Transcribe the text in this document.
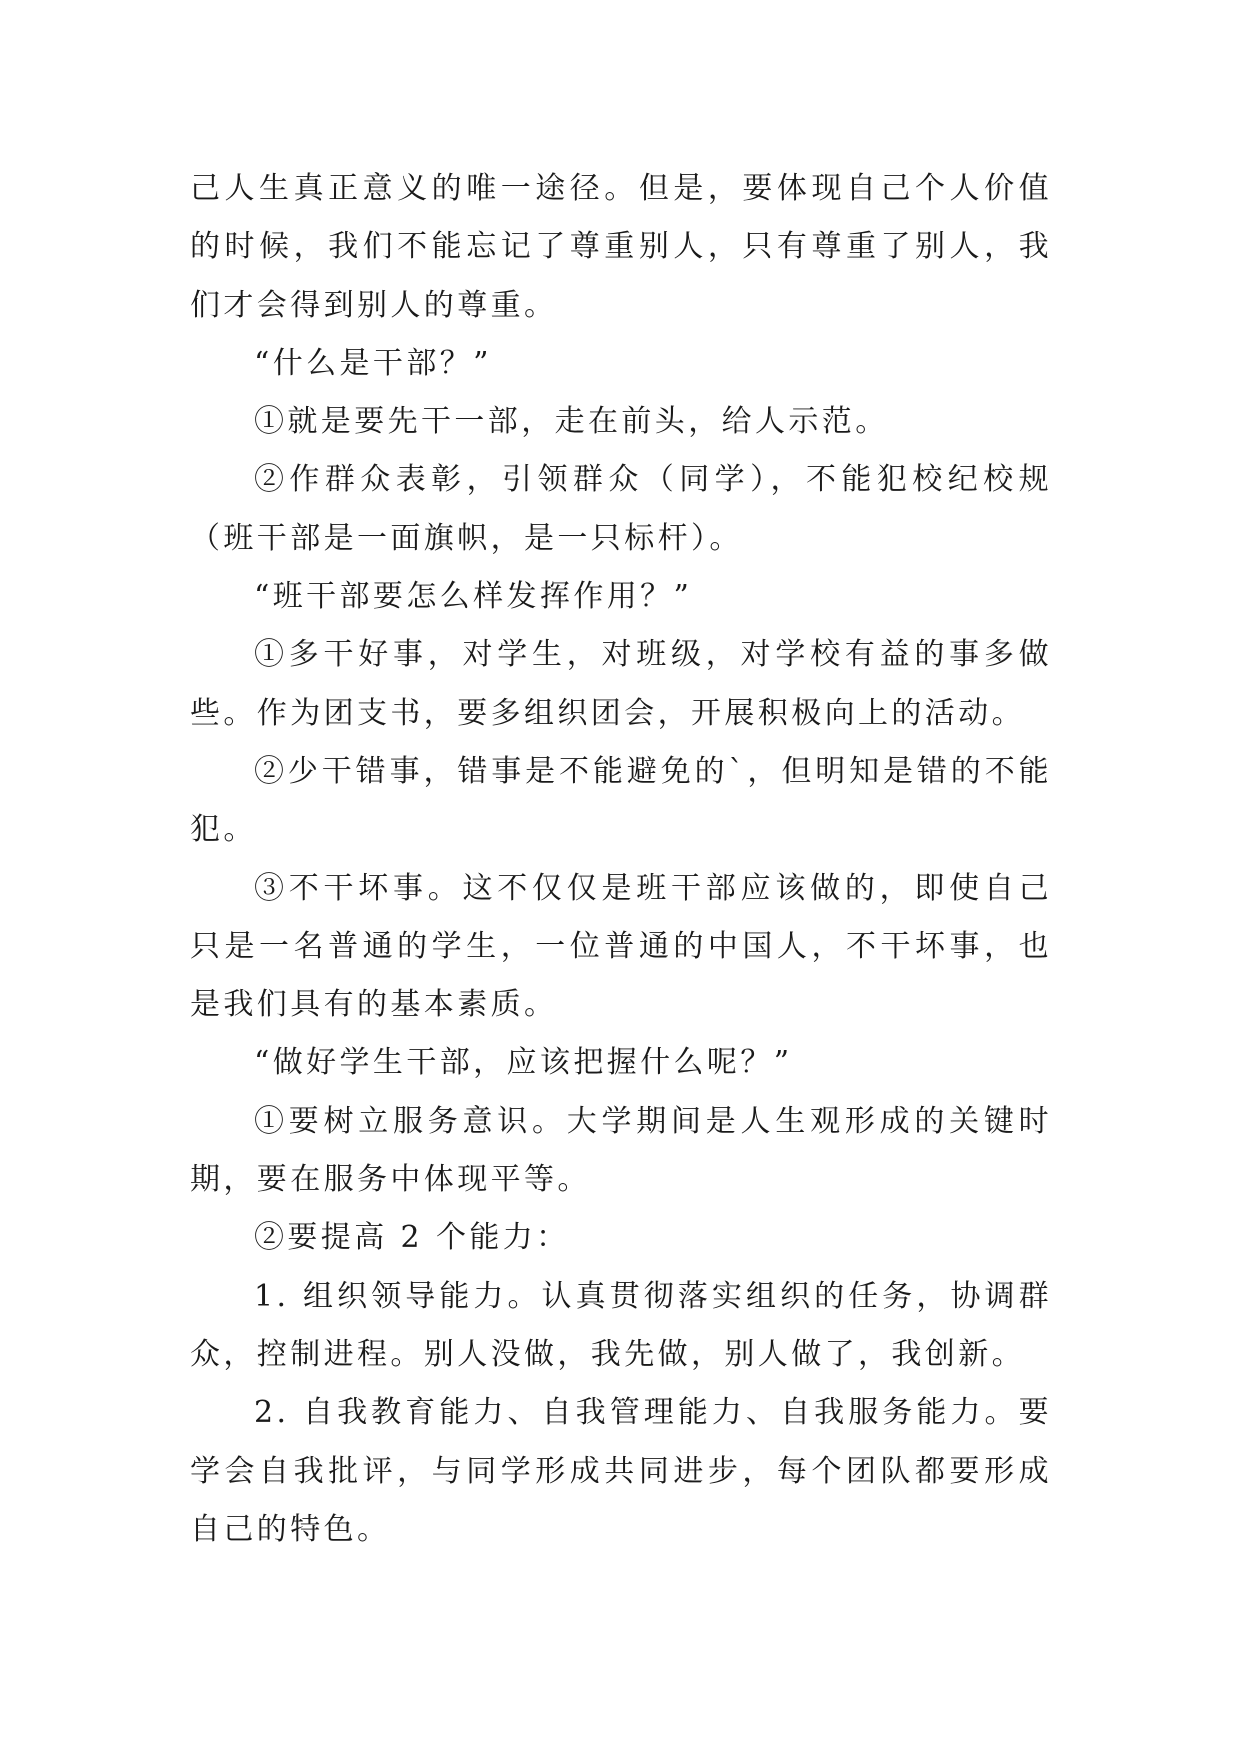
己人生真正意义的唯一途径。但是，要体现自己个人价值的时候，我们不能忘记了尊重别人，只有尊重了别人，我们才会得到别人的尊重。

“什么是干部？”

①就是要先干一部，走在前头，给人示范。

②作群众表彰，引领群众（同学），不能犯校纪校规（班干部是一面旗帜，是一只标杆）。

“班干部要怎么样发挥作用？”

①多干好事，对学生，对班级，对学校有益的事多做些。作为团支书，要多组织团会，开展积极向上的活动。

②少干错事，错事是不能避免的`，但明知是错的不能犯。

③不干坏事。这不仅仅是班干部应该做的，即使自己只是一名普通的学生，一位普通的中国人，不干坏事，也是我们具有的基本素质。

“做好学生干部，应该把握什么呢？”

①要树立服务意识。大学期间是人生观形成的关键时期，要在服务中体现平等。

②要提高 2 个能力：

1. 组织领导能力。认真贯彻落实组织的任务，协调群众，控制进程。别人没做，我先做，别人做了，我创新。

2. 自我教育能力、自我管理能力、自我服务能力。要学会自我批评，与同学形成共同进步，每个团队都要形成自己的特色。
